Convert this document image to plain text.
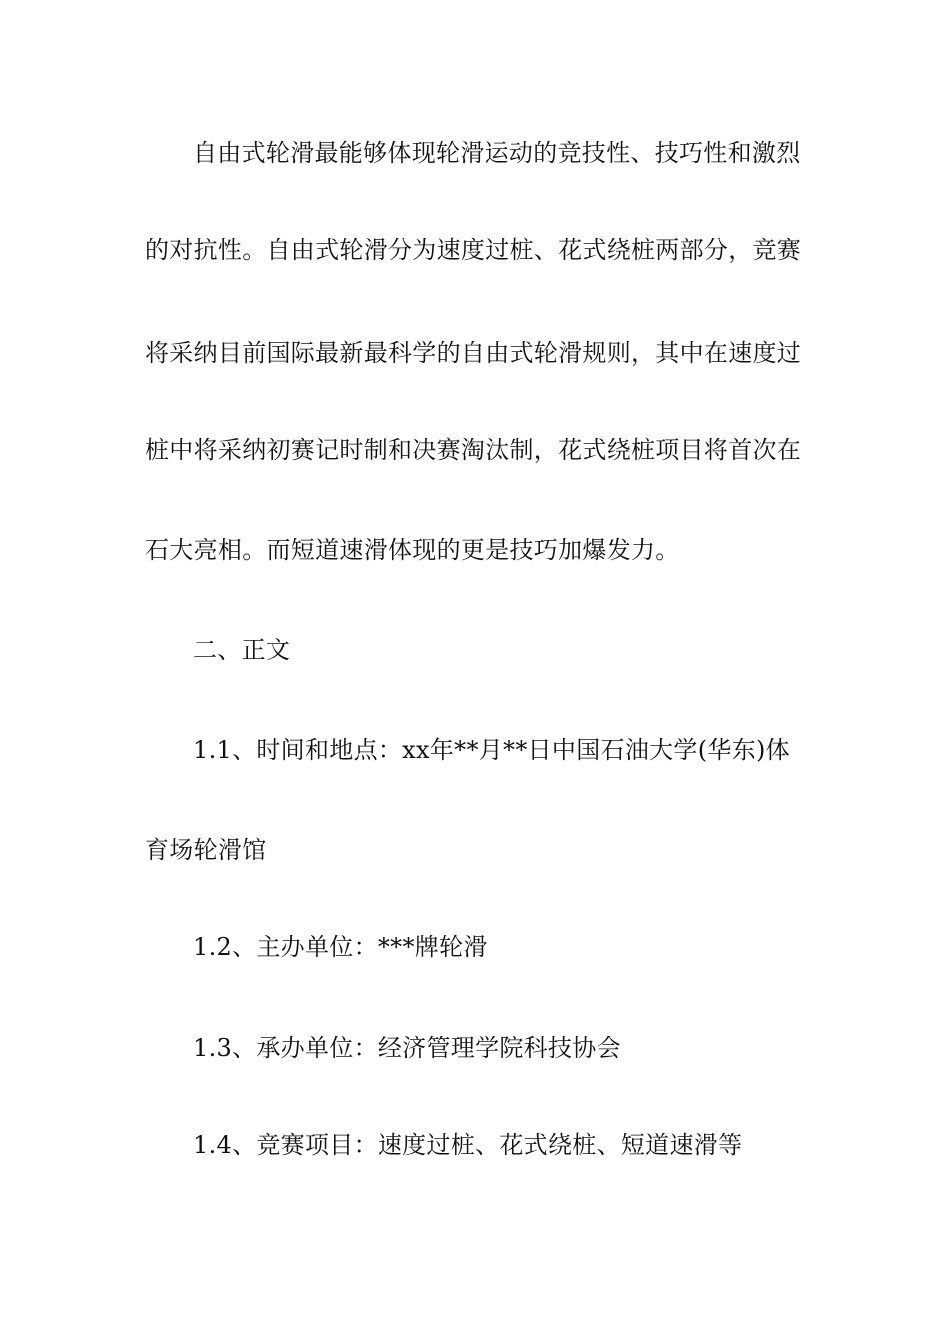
自由式轮滑最能够体现轮滑运动的竞技性、技巧性和激烈
的对抗性。自由式轮滑分为速度过桩、花式绕桩两部分，竞赛
将采纳目前国际最新最科学的自由式轮滑规则，其中在速度过
桩中将采纳初赛记时制和决赛淘汰制，花式绕桩项目将首次在
石大亮相。而短道速滑体现的更是技巧加爆发力。
二、正文
1.1、时间和地点：xx年**月**日中国石油大学(华东)体
育场轮滑馆
1.2、主办单位：***牌轮滑
1.3、承办单位：经济管理学院科技协会
1.4、竞赛项目：速度过桩、花式绕桩、短道速滑等
